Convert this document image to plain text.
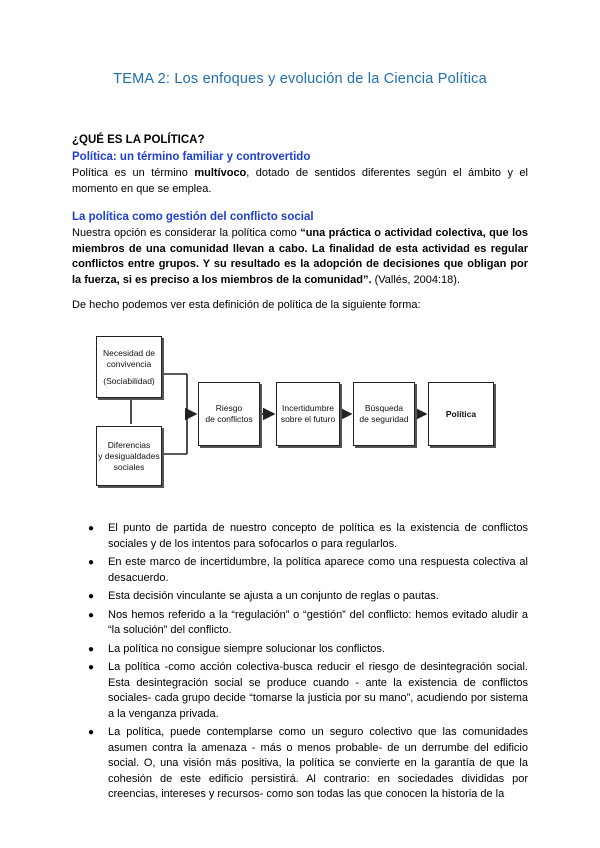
TEMA 2: Los enfoques y evolución de la Ciencia Política

¿QUÉ ES LA POLÍTICA?

Política: un término familiar y controvertido

Política es un término multívoco, dotado de sentidos diferentes según el ámbito y el momento en que se emplea.

La política como gestión del conflicto social

Nuestra opción es considerar la política como “una práctica o actividad colectiva, que los miembros de una comunidad llevan a cabo. La finalidad de esta actividad es regular conflictos entre grupos. Y su resultado es la adopción de decisiones que obligan por la fuerza, si es preciso a los miembros de la comunidad”. (Vallés, 2004:18).

De hecho podemos ver esta definición de política de la siguiente forma:

Necesidad de
convivencia
(Sociabilidad)
Diferencias
y desigualdades
sociales
Riesgo
de conflictos
Incertidumbre
sobre el futuro
Búsqueda
de seguridad
Política
● El punto de partida de nuestro concepto de política es la existencia de conflictos sociales y de los intentos para sofocarlos o para regularlos.
● En este marco de incertidumbre, la política aparece como una respuesta colectiva al desacuerdo.
● Esta decisión vinculante se ajusta a un conjunto de reglas o pautas.
● Nos hemos referido a la “regulación” o “gestión” del conflicto: hemos evitado aludir a “la solución” del conflicto.
● La política no consigue siempre solucionar los conflictos.
● La política -como acción colectiva-busca reducir el riesgo de desintegración social. Esta desintegración social se produce cuando - ante la existencia de conflictos sociales- cada grupo decide “tomarse la justicia por su mano”, acudiendo por sistema a la venganza privada.
● La política, puede contemplarse como un seguro colectivo que las comunidades asumen contra la amenaza - más o menos probable- de un derrumbe del edificio social. O, una visión más positiva, la política se convierte en la garantía de que la cohesión de este edificio persistirá. Al contrario: en sociedades divididas por creencias, intereses y recursos- como son todas las que conocen la historia de la
